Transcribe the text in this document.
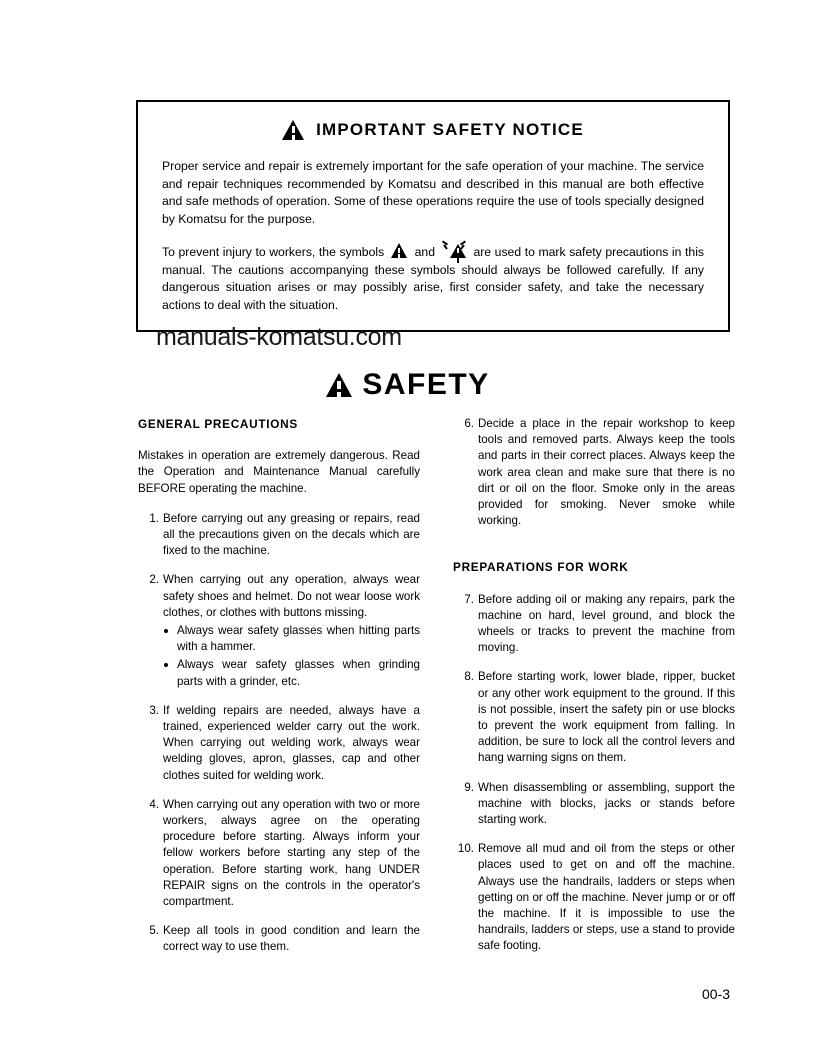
IMPORTANT SAFETY NOTICE

Proper service and repair is extremely important for the safe operation of your machine. The service and repair techniques recommended by Komatsu and described in this manual are both effective and safe methods of operation. Some of these operations require the use of tools specially designed by Komatsu for the purpose.

To prevent injury to workers, the symbols and	are used to mark safety precautions in this manual. The cautions accompanying these symbols should always be followed carefully. If any dangerous situation arises or may possibly arise, first consider safety, and take the necessary actions to deal with the situation.

manuals-komatsu.com
SAFETY
GENERAL PRECAUTIONS

Mistakes in operation are extremely dangerous. Read the Operation and Maintenance Manual carefully BEFORE operating the machine.

1. Before carrying out any greasing or repairs, read all the precautions given on the decals which are fixed to the machine.
2. When carrying out any operation, always wear safety shoes and helmet. Do not wear loose work clothes, or clothes with buttons missing.
Always wear safety glasses when hitting parts with a hammer.
Always wear safety glasses when grinding parts with a grinder, etc.
3. If welding repairs are needed, always have a trained, experienced welder carry out the work. When carrying out welding work, always wear welding gloves, apron, glasses, cap and other clothes suited for welding work.
4. When carrying out any operation with two or more workers, always agree on the operating procedure before starting. Always inform your fellow workers before starting any step of the operation. Before starting work, hang UNDER REPAIR signs on the controls in the operator's compartment.
5. Keep all tools in good condition and learn the correct way to use them.
6. Decide a place in the repair workshop to keep tools and removed parts. Always keep the tools and parts in their correct places. Always keep the work area clean and make sure that there is no dirt or oil on the floor. Smoke only in the areas provided for smoking. Never smoke while working.
PREPARATIONS FOR WORK
7. Before adding oil or making any repairs, park the machine on hard, level ground, and block the wheels or tracks to prevent the machine from moving.
8. Before starting work, lower blade, ripper, bucket or any other work equipment to the ground. If this is not possible, insert the safety pin or use blocks to prevent the work equipment from falling. In addition, be sure to lock all the control levers and hang warning signs on them.
9. When disassembling or assembling, support the machine with blocks, jacks or stands before starting work.
10. Remove all mud and oil from the steps or other places used to get on and off the machine. Always use the handrails, ladders or steps when getting on or off the machine. Never jump or or off the machine. If it is impossible to use the handrails, ladders or steps, use a stand to provide safe footing.
00-3
